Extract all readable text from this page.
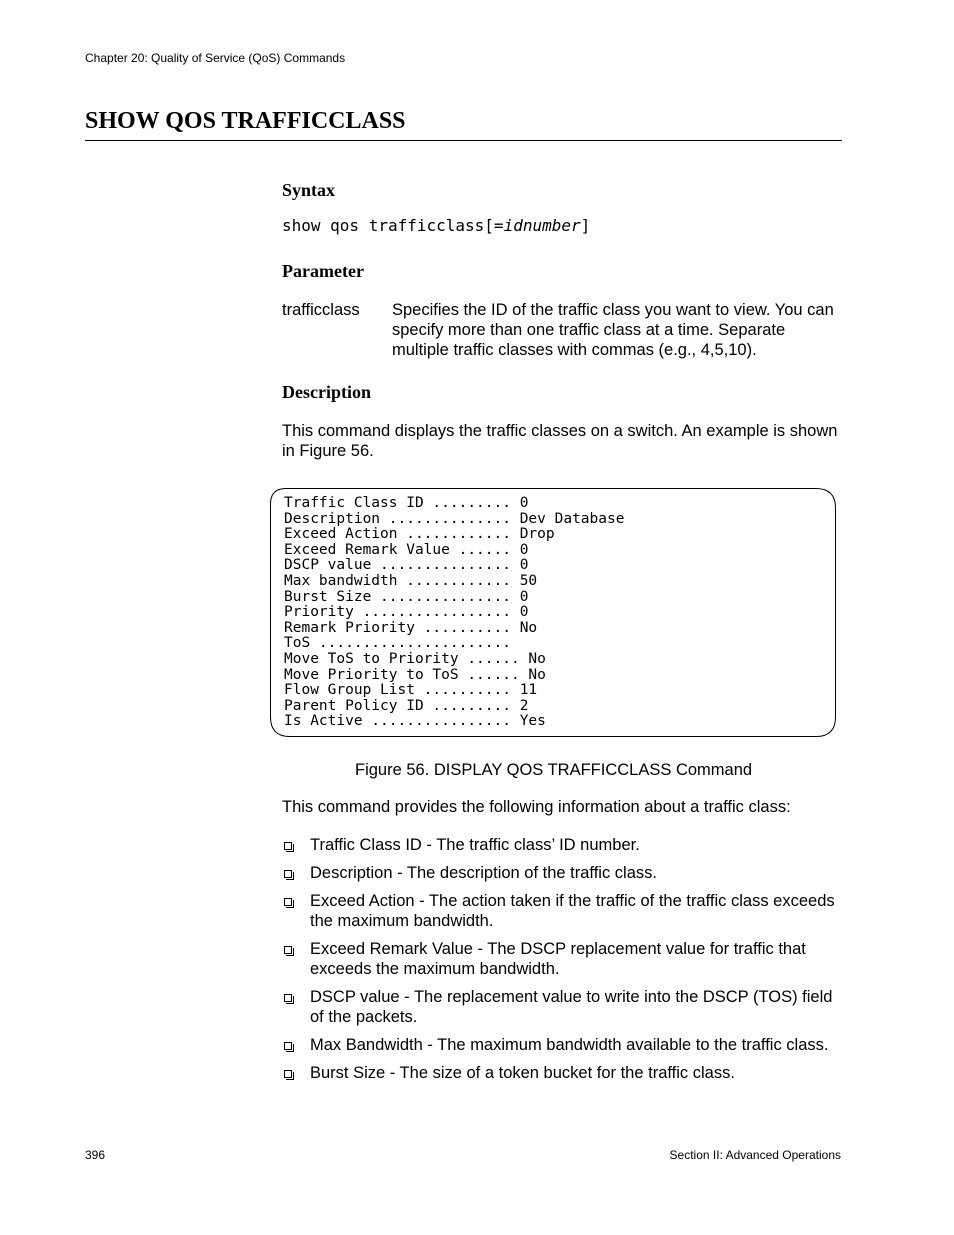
Chapter 20: Quality of Service (QoS) Commands
SHOW QOS TRAFFICCLASS
Syntax
show qos trafficclass[=idnumber]
Parameter
trafficclass Specifies the ID of the traffic class you want to view. You can specify more than one traffic class at a time. Separate multiple traffic classes with commas (e.g., 4,5,10).
Description
This command displays the traffic classes on a switch. An example is shown in Figure 56.
Traffic Class ID ......... 0
Description .............. Dev Database
Exceed Action ............ Drop
Exceed Remark Value ...... 0
DSCP value ............... 0
Max bandwidth ............ 50
Burst Size ............... 0
Priority ................. 0
Remark Priority .......... No
ToS ......................
Move ToS to Priority ...... No
Move Priority to ToS ...... No
Flow Group List .......... 11
Parent Policy ID ......... 2
Is Active ................ Yes
Figure 56. DISPLAY QOS TRAFFICCLASS Command
This command provides the following information about a traffic class:
Traffic Class ID - The traffic class’ ID number.
Description - The description of the traffic class.
Exceed Action - The action taken if the traffic of the traffic class exceeds the maximum bandwidth.
Exceed Remark Value - The DSCP replacement value for traffic that exceeds the maximum bandwidth.
DSCP value - The replacement value to write into the DSCP (TOS) field of the packets.
Max Bandwidth - The maximum bandwidth available to the traffic class.
Burst Size - The size of a token bucket for the traffic class.
396	Section II: Advanced Operations
